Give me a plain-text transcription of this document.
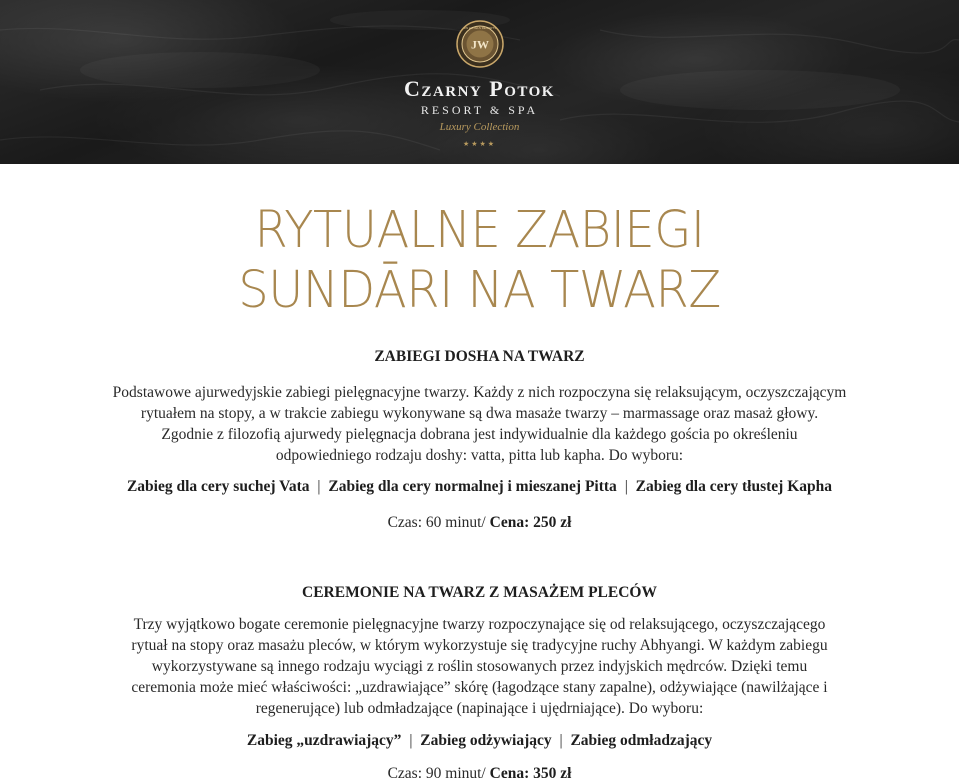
JW
JW HOTELS RESORTS
Czarny Potok
RESORT & SPA
Luxury Collection
★★★★
RYTUALNE ZABIEGI
SUNDĀRI NA TWARZ
ZABIEGI DOSHA NA TWARZ
Podstawowe ajurwedyjskie zabiegi pielęgnacyjne twarzy. Każdy z nich rozpoczyna się relaksującym, oczyszczającym
rytuałem na stopy, a w trakcie zabiegu wykonywane są dwa masaże twarzy – marmassage oraz masaż głowy.
Zgodnie z filozofią ajurwedy pielęgnacja dobrana jest indywidualnie dla każdego gościa po określeniu
odpowiedniego rodzaju doshy: vatta, pitta lub kapha. Do wyboru:
Zabieg dla cery suchej Vata | Zabieg dla cery normalnej i mieszanej Pitta | Zabieg dla cery tłustej Kapha
Czas: 60 minut/ Cena: 250 zł
CEREMONIE NA TWARZ Z MASAŻEM PLECÓW
Trzy wyjątkowo bogate ceremonie pielęgnacyjne twarzy rozpoczynające się od relaksującego, oczyszczającego
rytuał na stopy oraz masażu pleców, w którym wykorzystuje się tradycyjne ruchy Abhyangi. W każdym zabiegu
wykorzystywane są innego rodzaju wyciągi z roślin stosowanych przez indyjskich mędrców. Dzięki temu
ceremonia może mieć właściwości: „uzdrawiające” skórę (łagodzące stany zapalne), odżywiające (nawilżające i
regenerujące) lub odmładzające (napinające i ujędrniające). Do wyboru:
Zabieg „uzdrawiający” | Zabieg odżywiający | Zabieg odmładzający
Czas: 90 minut/ Cena: 350 zł
